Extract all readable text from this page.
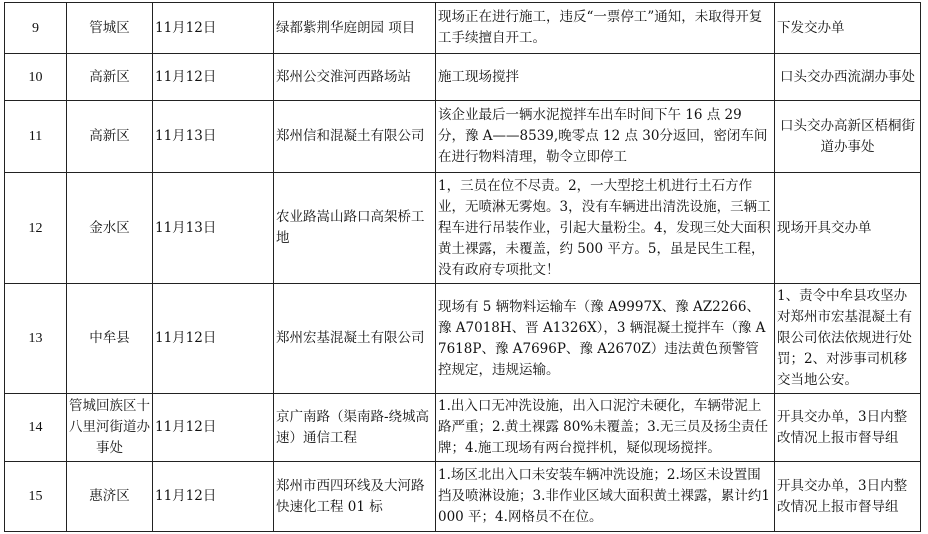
9	管城区	11月12日	绿都紫荆华庭朗园 项目	现场正在进行施工，违反“一票停工”通知，未取得开复工手续擅自开工。	下发交办单
10	高新区	11月12日	郑州公交淮河西路场站	施工现场搅拌	口头交办西流湖办事处
11	高新区	11月13日	郑州信和混凝土有限公司	该企业最后一辆水泥搅拌车出车时间下午 16 点 29 分，豫 A——8539,晚零点 12 点 30分返回，密闭车间在进行物料清理，勒令立即停工	口头交办高新区梧桐街道办事处
12	金水区	11月13日	农业路嵩山路口高架桥工地	1，三员在位不尽责。2，一大型挖土机进行土石方作业，无喷淋无雾炮。3，没有车辆进出清洗设施，三辆工程车进行吊装作业，引起大量粉尘。4，发现三处大面积黄土裸露，未覆盖，约 500 平方。5，虽是民生工程，没有政府专项批文！	现场开具交办单
13	中牟县	11月12日	郑州宏基混凝土有限公司	现场有 5 辆物料运输车（豫 A9997X、豫 AZ2266、豫 A7018H、晋 A1326X），3 辆混凝土搅拌车（豫 A7618P、豫 A7696P、豫 A2670Z）违法黄色预警管控规定，违规运输。	1、责令中牟县攻坚办对郑州市宏基混凝土有限公司依法依规进行处罚；2、对涉事司机移交当地公安。
14	管城回族区十八里河街道办事处	11月12日	京广南路（渠南路-绕城高速）通信工程	1.出入口无冲洗设施，出入口泥泞未硬化，车辆带泥上路严重；2.黄土裸露 80%未覆盖；3.无三员及扬尘责任牌；4.施工现场有两台搅拌机，疑似现场搅拌。	开具交办单，3日内整改情况上报市督导组
15	惠济区	11月12日	郑州市西四环线及大河路快速化工程 01 标	1.场区北出入口未安装车辆冲洗设施；2.场区未设置围挡及喷淋设施；3.非作业区域大面积黄土裸露，累计约1000 平；4.网格员不在位。	开具交办单，3日内整改情况上报市督导组
